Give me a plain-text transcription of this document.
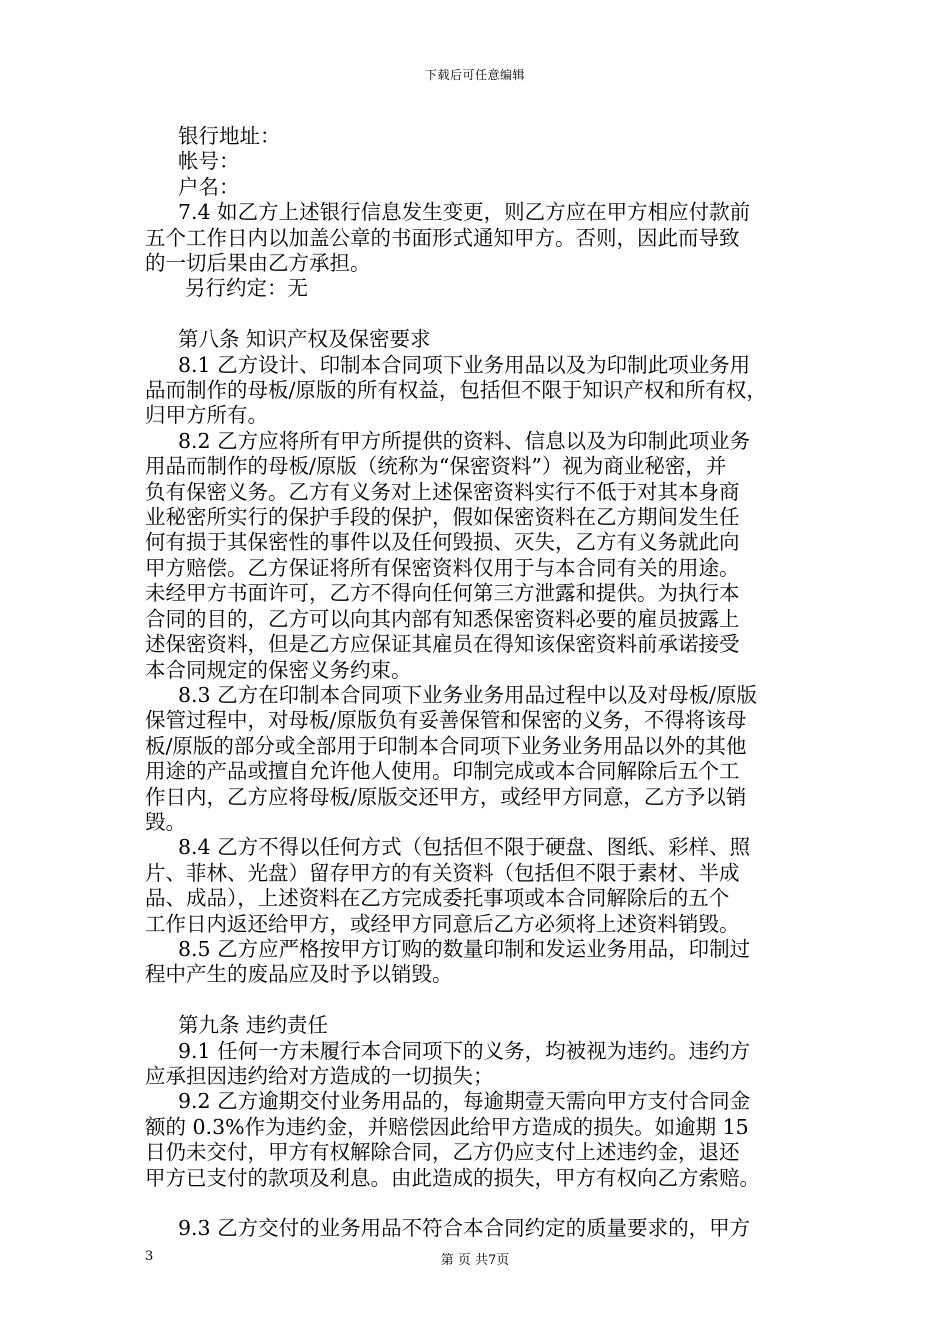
下载后可任意编辑
银行地址：
帐号：
户名：
7.4 如乙方上述银行信息发生变更，则乙方应在甲方相应付款前
五个工作日内以加盖公章的书面形式通知甲方。否则，因此而导致
的一切后果由乙方承担。
另行约定：无
第八条 知识产权及保密要求
8.1 乙方设计、印制本合同项下业务用品以及为印制此项业务用
品而制作的母板/原版的所有权益，包括但不限于知识产权和所有权，
归甲方所有。
8.2 乙方应将所有甲方所提供的资料、信息以及为印制此项业务
用品而制作的母板/原版（统称为“保密资料”）视为商业秘密，并
负有保密义务。乙方有义务对上述保密资料实行不低于对其本身商
业秘密所实行的保护手段的保护，假如保密资料在乙方期间发生任
何有损于其保密性的事件以及任何毁损、灭失，乙方有义务就此向
甲方赔偿。乙方保证将所有保密资料仅用于与本合同有关的用途。
未经甲方书面许可，乙方不得向任何第三方泄露和提供。为执行本
合同的目的，乙方可以向其内部有知悉保密资料必要的雇员披露上
述保密资料，但是乙方应保证其雇员在得知该保密资料前承诺接受
本合同规定的保密义务约束。
8.3 乙方在印制本合同项下业务业务用品过程中以及对母板/原版
保管过程中，对母板/原版负有妥善保管和保密的义务，不得将该母
板/原版的部分或全部用于印制本合同项下业务业务用品以外的其他
用途的产品或擅自允许他人使用。印制完成或本合同解除后五个工
作日内，乙方应将母板/原版交还甲方，或经甲方同意，乙方予以销
毁。
8.4 乙方不得以任何方式（包括但不限于硬盘、图纸、彩样、照
片、菲林、光盘）留存甲方的有关资料（包括但不限于素材、半成
品、成品），上述资料在乙方完成委托事项或本合同解除后的五个
工作日内返还给甲方，或经甲方同意后乙方必须将上述资料销毁。
8.5 乙方应严格按甲方订购的数量印制和发运业务用品，印制过
程中产生的废品应及时予以销毁。
第九条 违约责任
9.1 任何一方未履行本合同项下的义务，均被视为违约。违约方
应承担因违约给对方造成的一切损失；
9.2 乙方逾期交付业务用品的，每逾期壹天需向甲方支付合同金
额的 0.3%作为违约金，并赔偿因此给甲方造成的损失。如逾期 15
日仍未交付，甲方有权解除合同，乙方仍应支付上述违约金，退还
甲方已支付的款项及利息。由此造成的损失，甲方有权向乙方索赔。
9.3 乙方交付的业务用品不符合本合同约定的质量要求的，甲方
3	第 页 共7页
